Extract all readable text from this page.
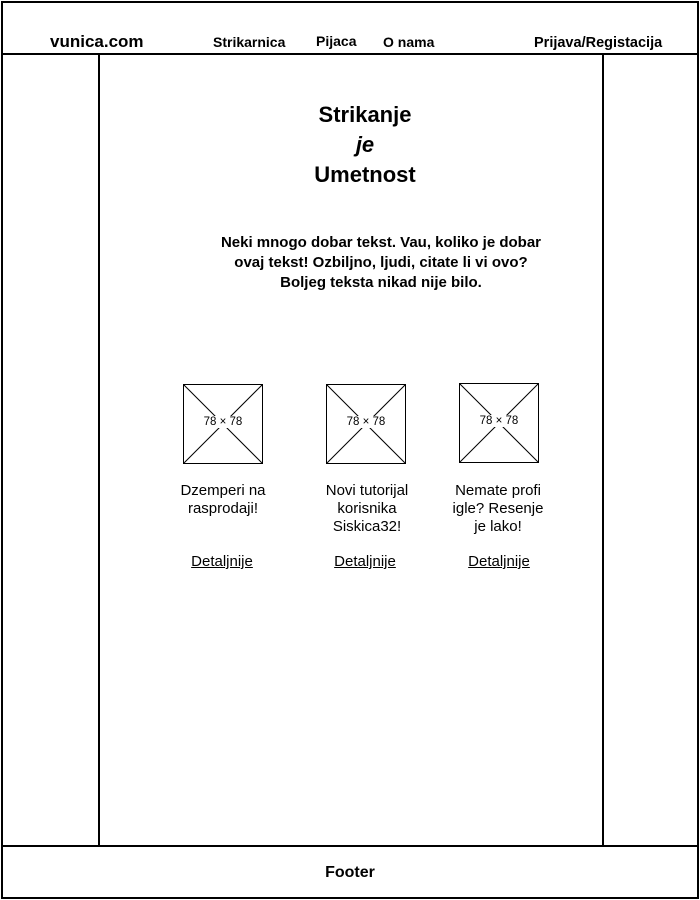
vunica.com	Strikarnica Pijaca O nama	Prijava/Registacija
Strikanje
je
Umetnost
Neki mnogo dobar tekst. Vau, koliko je dobar
ovaj tekst! Ozbiljno, ljudi, citate li vi ovo?
Boljeg teksta nikad nije bilo.
78 × 78
Dzemperi na
rasprodaji!
Detaljnije
78 × 78
Novi tutorijal
korisnika
Siskica32!
Detaljnije
78 × 78
Nemate profi
igle? Resenje
je lako!
Detaljnije
Footer
